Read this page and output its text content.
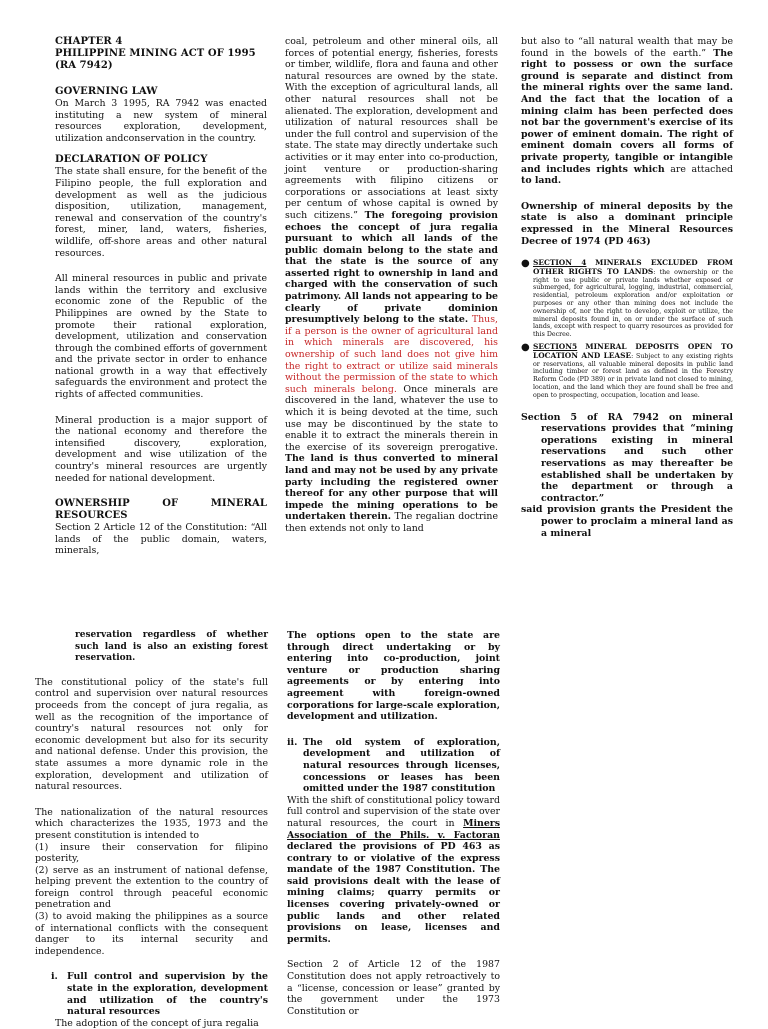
CHAPTER 4

PHILIPPINE MINING ACT OF 1995

(RA 7942)

GOVERNING LAW

On March 3 1995, RA 7942 was enacted instituting a new system of mineral resources exploration, development, utilization andconservation in the country.

DECLARATION OF POLICY

The state shall ensure, for the benefit of the Filipino people, the full exploration and development as well as the judicious disposition, utilization, management, renewal and conservation of the country's forest, miner, land, waters, fisheries, wildlife, off-shore areas and other natural resources.

All mineral resources in public and private lands within the territory and exclusive economic zone of the Republic of the Philippines are owned by the State to promote their rational exploration, development, utilization and conservation through the combined efforts of government and the private sector in order to enhance national growth in a way that effectively safeguards the environment and protect the rights of affected communities.

Mineral production is a major support of the national economy and therefore the intensified discovery, exploration, development and wise utilization of the country's mineral resources are urgently needed for national development.

OWNERSHIP OF MINERAL RESOURCES

Section 2 Article 12 of the Constitution: “All lands of the public domain, waters, minerals,

coal, petroleum and other mineral oils, all forces of potential energy, fisheries, forests or timber, wildlife, flora and fauna and other natural resources are owned by the state. With the exception of agricultural lands, all other natural resources shall not be alienated. The exploration, development and utilization of natural resources shall be under the full control and supervision of the state. The state may directly undertake such activities or it may enter into co-production, joint venture or production-sharing agreements with filipino citizens or corporations or associations at least sixty per centum of whose capital is owned by such citizens.” The foregoing provision echoes the concept of jura regalia pursuant to which all lands of the public domain belong to the state and that the state is the source of any asserted right to ownership in land and charged with the conservation of such patrimony. All lands not appearing to be clearly of private dominion presumptively belong to the state. Thus, if a person is the owner of agricultural land in which minerals are discovered, his ownership of such land does not give him the right to extract or utilize said minerals without the permission of the state to which such minerals belong. Once minerals are discovered in the land, whatever the use to which it is being devoted at the time, such use may be discontinued by the state to enable it to extract the minerals therein in the exercise of its sovereign prerogative. The land is thus converted to mineral land and may not be used by any private party including the registered owner thereof for any other purpose that will impede the mining operations to be undertaken therein. The regalian doctrine then extends not only to land

but also to “all natural wealth that may be found in the bowels of the earth.” The right to possess or own the surface ground is separate and distinct from the mineral rights over the same land. And the fact that the location of a mining claim has been perfected does not bar the government's exercise of its power of eminent domain. The right of eminent domain covers all forms of private property, tangible or intangible and includes rights which are attached to land.

Ownership of mineral deposits by the state is also a dominant principle expressed in the Mineral Resources Decree of 1974 (PD 463)

● SECTION 4 MINERALS EXCLUDED FROM OTHER RIGHTS TO LANDS: the ownership or the right to use public or private lands whether exposed or submerged, for agricultural, logging, industrial, commercial, residential, petroleum exploration and/or exploitation or purposes or any other than mining does not include the ownership of, nor the right to develop, exploit or utilize, the mineral deposits found in, on or under the surface of such lands, except with respect to quarry resources as provided for this Decree.
● SECTION5 MINERAL DEPOSITS OPEN TO LOCATION AND LEASE: Subject to any existing rights or reservations, all valuable mineral deposits in public land including timber or forest land as defined in the Forestry Reform Code (PD 389) or in private land not closed to mining, location, and the land which they are found shall be free and open to prospecting, occupation, location and lease.

Section 5 of RA 7942 on mineral reservations provides that “mining operations existing in mineral reservations and such other reservations as may thereafter be established shall be undertaken by the department or through a contractor.”

said provision grants the President the power to proclaim a mineral land as a mineral

reservation regardless of whether such land is also an existing forest reservation.

The constitutional policy of the state's full control and supervision over natural resources proceeds from the concept of jura regalia, as well as the recognition of the importance of country's natural resources not only for economic development but also for its security and national defense. Under this provision, the state assumes a more dynamic role in the exploration, development and utilization of natural resources.

The nationalization of the natural resources which characterizes the 1935, 1973 and the present constitution is intended to

(1) insure their conservation for filipino posterity,

(2) serve as an instrument of national defense, helping prevent the extention to the country of foreign control through peaceful economic penetration and

(3) to avoid making the philippines as a source of international conflicts with the consequent danger to its internal security and independence.

i. Full control and supervision by the state in the exploration, development and utilization of the country's natural resources

The adoption of the concept of jura regalia

The options open to the state are through direct undertaking or by entering into co-production, joint venture or production sharing agreements or by entering into agreement with foreign-owned corporations for large-scale exploration, development and utilization.

ii. The old system of exploration, development and utilization of natural resources through licenses, concessions or leases has been omitted under the 1987 constitution

With the shift of constitutional policy toward full control and supervision of the state over natural resources, the court in Miners Association of the Phils. v. Factoran declared the provisions of PD 463 as contrary to or violative of the express mandate of the 1987 Constitution. The said provisions dealt with the lease of mining claims; quarry permits or licenses covering privately-owned or public lands and other related provisions on lease, licenses and permits.

Section 2 of Article 12 of the 1987 Constitution does not apply retroactively to a “license, concession or lease” granted by the government under the 1973 Constitution or
